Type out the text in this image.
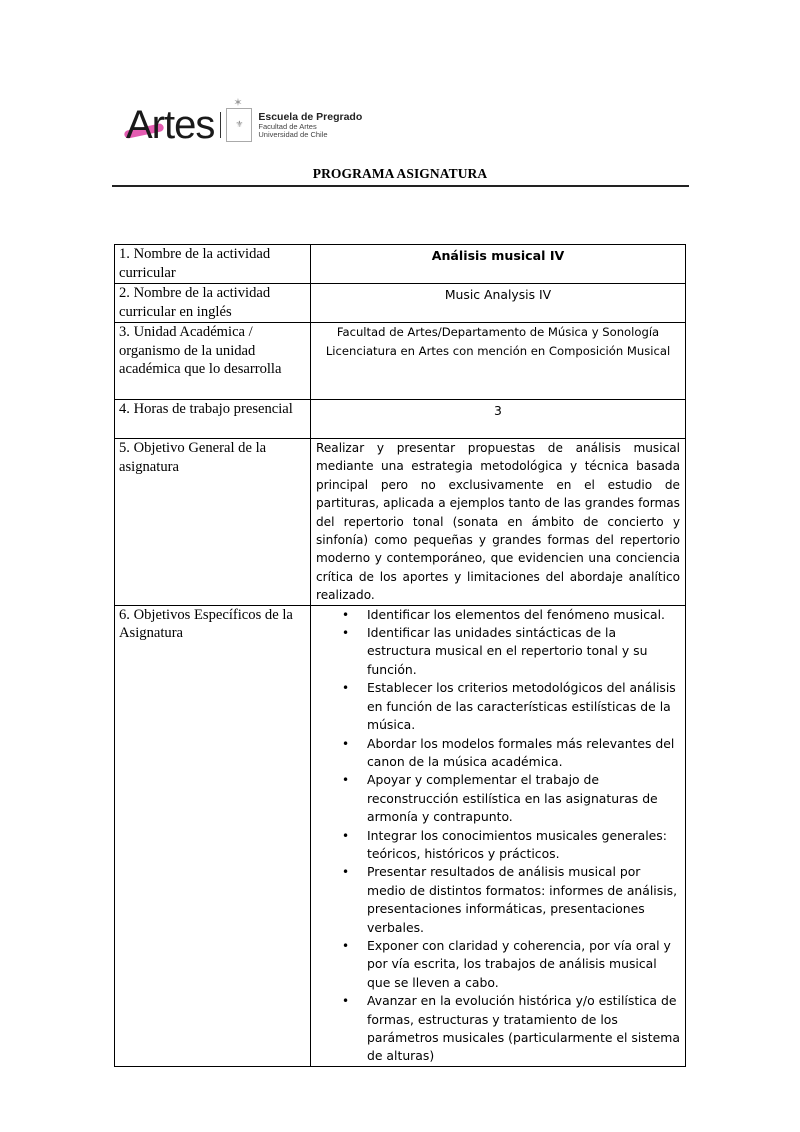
Artes
✶
⚜
Escuela de Pregrado
Facultad de Artes
Universidad de Chile
PROGRAMA ASIGNATURA
1. Nombre de la actividad curricular	Análisis musical IV
2. Nombre de la actividad curricular en inglés	Music Analysis IV
3. Unidad Académica / organismo de la unidad académica que lo desarrolla	Facultad de Artes/Departamento de Música y Sonología
Licenciatura en Artes con mención en Composición Musical

4. Horas de trabajo presencial	3
5. Objetivo General de la asignatura	Realizar y presentar propuestas de análisis musical mediante una estrategia metodológica y técnica basada principal pero no exclusivamente en el estudio de partituras, aplicada a ejemplos tanto de las grandes formas del repertorio tonal (sonata en ámbito de concierto y sinfonía) como pequeñas y grandes formas del repertorio moderno y contemporáneo, que evidencien una conciencia crítica de los aportes y limitaciones del abordaje analítico realizado.
6. Objetivos Específicos de la Asignatura	
• Identificar los elementos del fenómeno musical.
• Identificar las unidades sintácticas de la estructura musical en el repertorio tonal y su función.
• Establecer los criterios metodológicos del análisis en función de las características estilísticas de la música.
• Abordar los modelos formales más relevantes del canon de la música académica.
• Apoyar y complementar el trabajo de reconstrucción estilística en las asignaturas de armonía y contrapunto.
• Integrar los conocimientos musicales generales: teóricos, históricos y prácticos.
• Presentar resultados de análisis musical por medio de distintos formatos: informes de análisis, presentaciones informáticas, presentaciones verbales.
• Exponer con claridad y coherencia, por vía oral y por vía escrita, los trabajos de análisis musical que se lleven a cabo.
• Avanzar en la evolución histórica y/o estilística de formas, estructuras y tratamiento de los parámetros musicales (particularmente el sistema de alturas)
